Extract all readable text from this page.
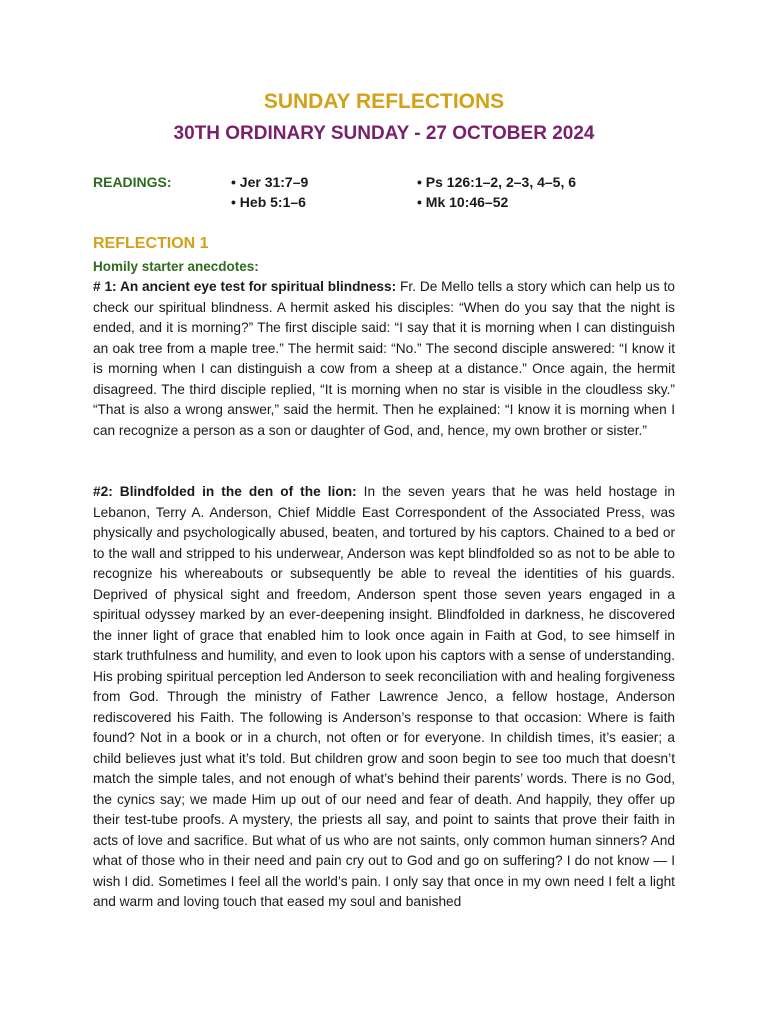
SUNDAY REFLECTIONS
30TH ORDINARY SUNDAY - 27 OCTOBER 2024
READINGS:	• Jer 31:7–9
• Heb 5:1–6
• Ps 126:1–2, 2–3, 4–5, 6
• Mk 10:46–52
REFLECTION 1
Homily starter anecdotes:
# 1: An ancient eye test for spiritual blindness: Fr. De Mello tells a story which can help us to check our spiritual blindness. A hermit asked his disciples: “When do you say that the night is ended, and it is morning?” The first disciple said: “I say that it is morning when I can distinguish an oak tree from a maple tree.” The hermit said: “No.” The second disciple answered: “I know it is morning when I can distinguish a cow from a sheep at a distance.” Once again, the hermit disagreed. The third disciple replied, “It is morning when no star is visible in the cloudless sky.” “That is also a wrong answer,” said the hermit. Then he explained: “I know it is morning when I can recognize a person as a son or daughter of God, and, hence, my own brother or sister.”
#2: Blindfolded in the den of the lion: In the seven years that he was held hostage in Lebanon, Terry A. Anderson, Chief Middle East Correspondent of the Associated Press, was physically and psychologically abused, beaten, and tortured by his captors. Chained to a bed or to the wall and stripped to his underwear, Anderson was kept blindfolded so as not to be able to recognize his whereabouts or subsequently be able to reveal the identities of his guards. Deprived of physical sight and freedom, Anderson spent those seven years engaged in a spiritual odyssey marked by an ever-deepening insight. Blindfolded in darkness, he discovered the inner light of grace that enabled him to look once again in Faith at God, to see himself in stark truthfulness and humility, and even to look upon his captors with a sense of understanding. His probing spiritual perception led Anderson to seek reconciliation with and healing forgiveness from God. Through the ministry of Father Lawrence Jenco, a fellow hostage, Anderson rediscovered his Faith. The following is Anderson’s response to that occasion: Where is faith found? Not in a book or in a church, not often or for everyone. In childish times, it’s easier; a child believes just what it’s told. But children grow and soon begin to see too much that doesn’t match the simple tales, and not enough of what’s behind their parents’ words. There is no God, the cynics say; we made Him up out of our need and fear of death. And happily, they offer up their test-tube proofs. A mystery, the priests all say, and point to saints that prove their faith in acts of love and sacrifice. But what of us who are not saints, only common human sinners? And what of those who in their need and pain cry out to God and go on suffering? I do not know — I wish I did. Sometimes I feel all the world’s pain. I only say that once in my own need I felt a light and warm and loving touch that eased my soul and banished
